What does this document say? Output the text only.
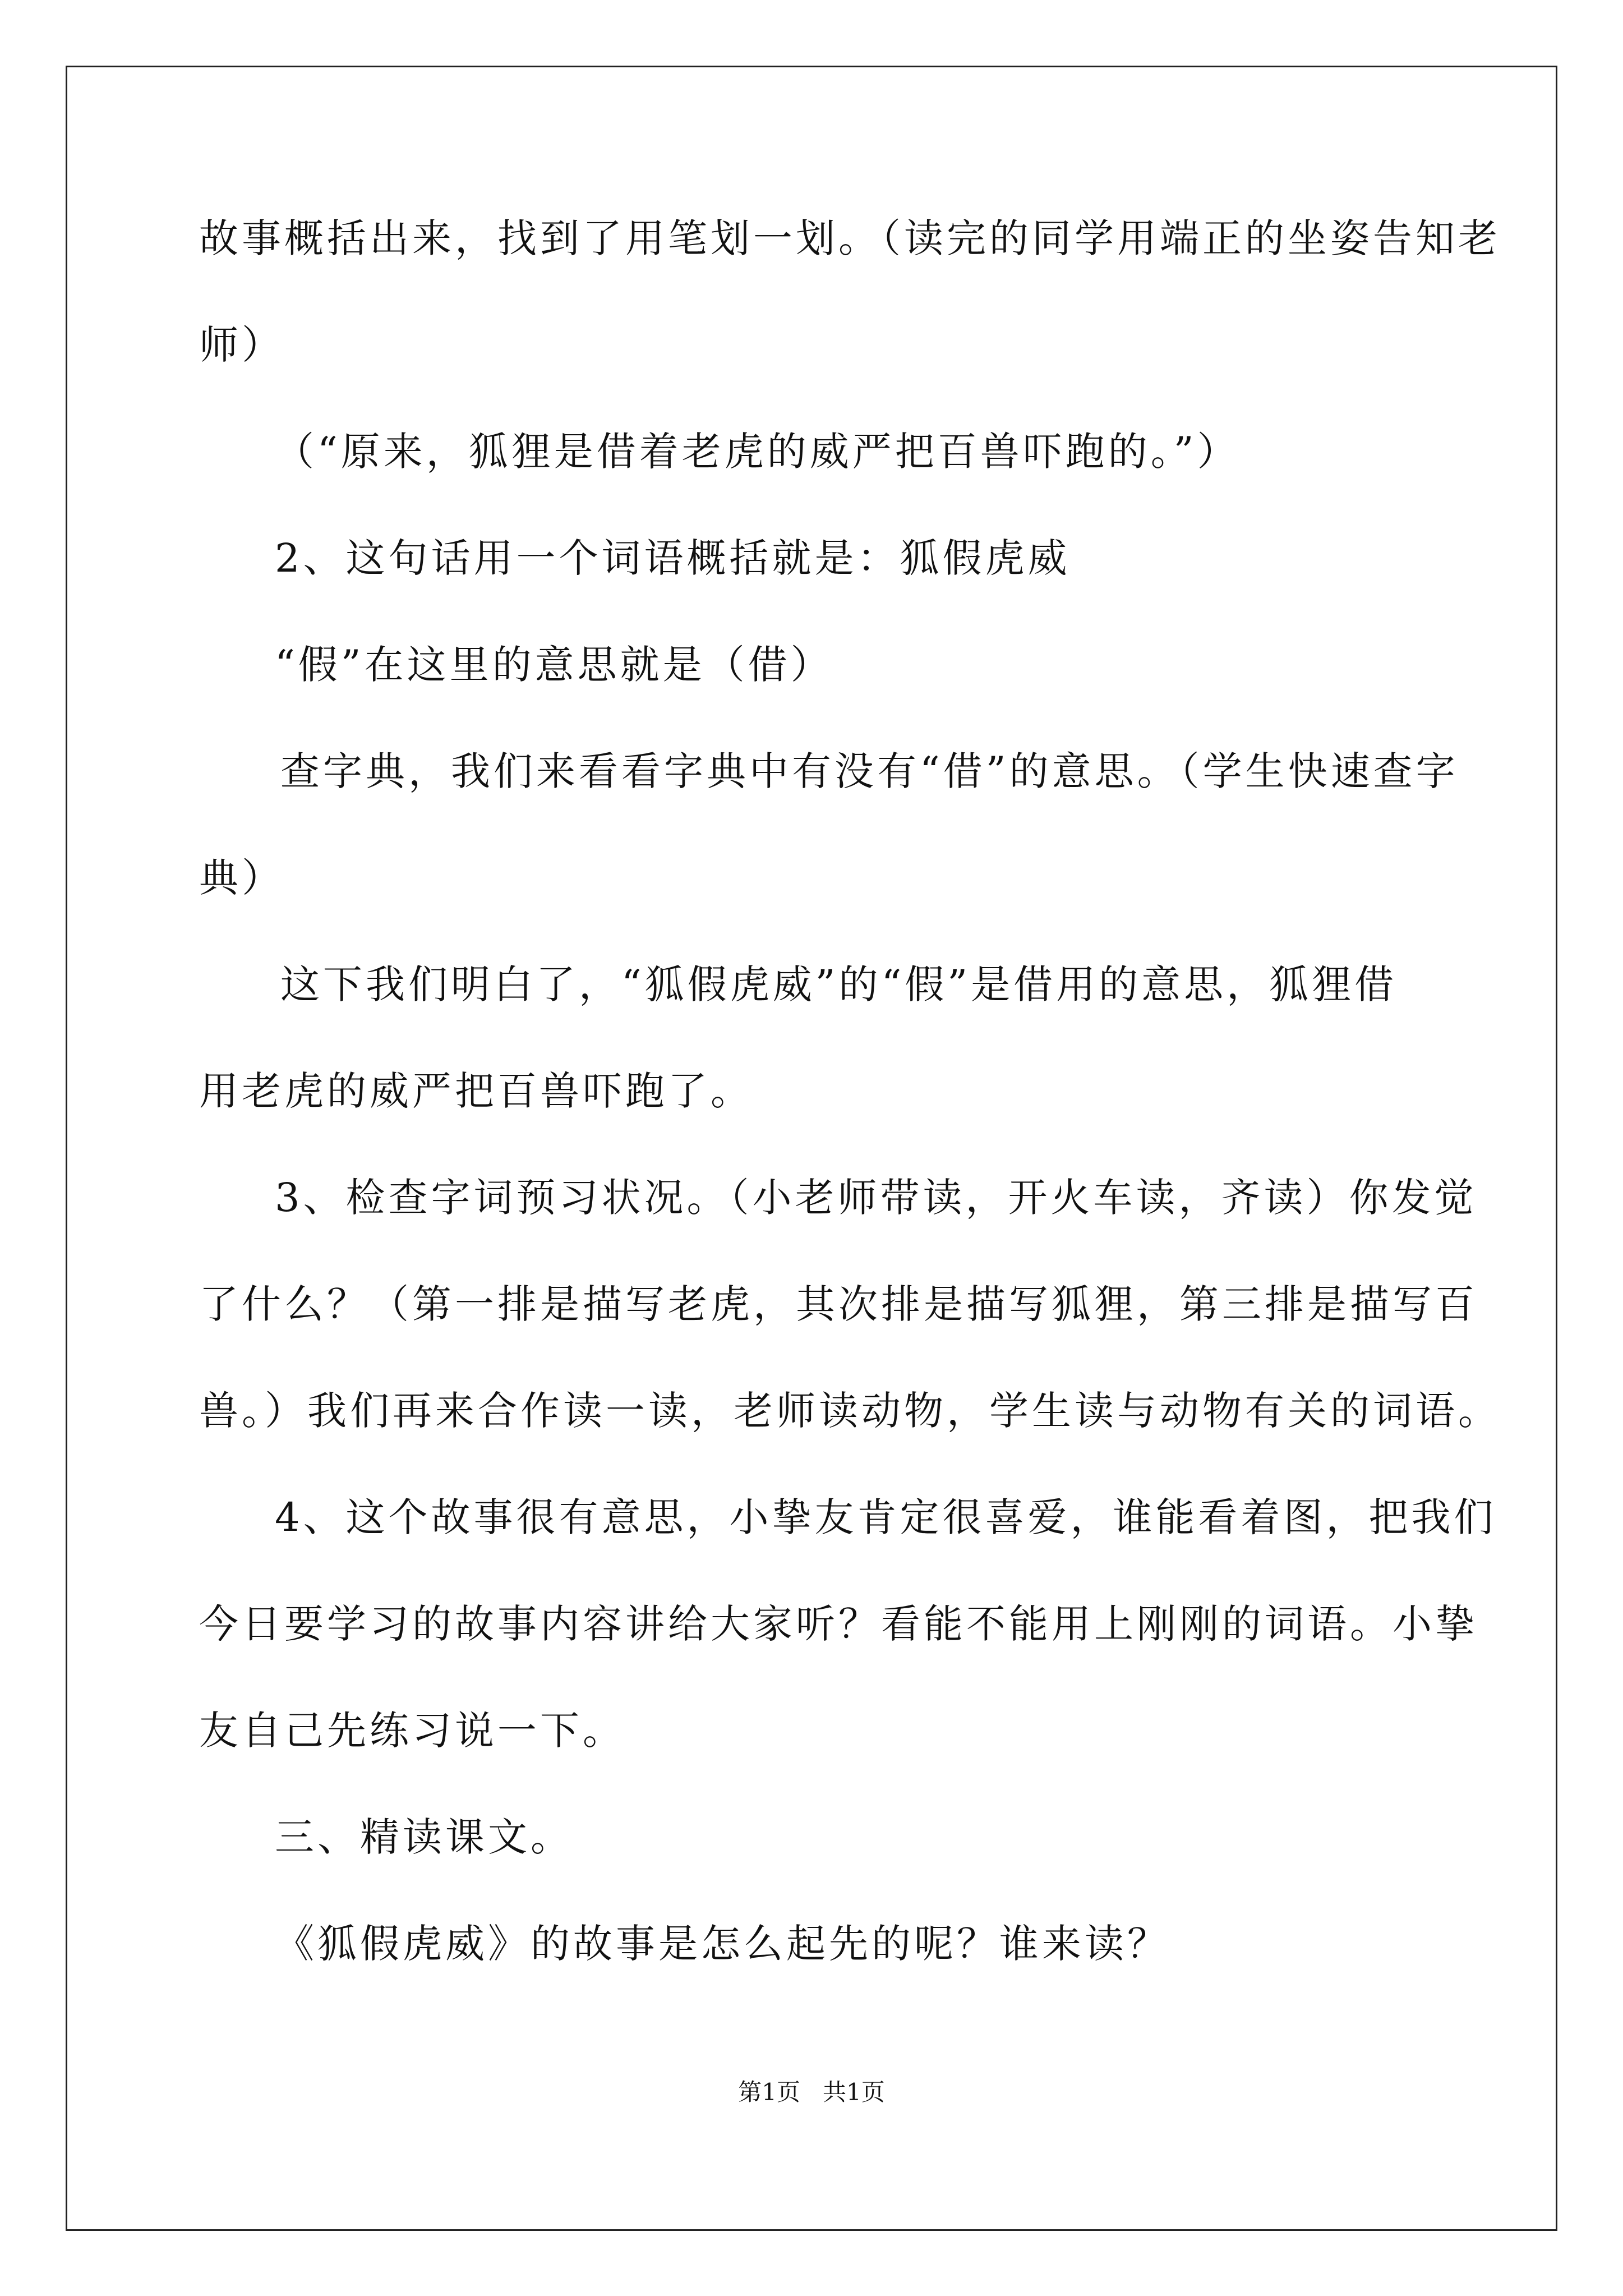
故事概括出来，找到了用笔划一划。（读完的同学用端正的坐姿告知老
师）
（“原来，狐狸是借着老虎的威严把百兽吓跑的。”）
2、这句话用一个词语概括就是：狐假虎威
“假”在这里的意思就是（借）
查字典，我们来看看字典中有没有“借”的意思。（学生快速查字
典）
这下我们明白了，“狐假虎威”的“假”是借用的意思，狐狸借
用老虎的威严把百兽吓跑了。
3、检查字词预习状况。（小老师带读，开火车读，齐读）你发觉
了什么？（第一排是描写老虎，其次排是描写狐狸，第三排是描写百
兽。）我们再来合作读一读，老师读动物，学生读与动物有关的词语。
4、这个故事很有意思，小挚友肯定很喜爱，谁能看着图，把我们
今日要学习的故事内容讲给大家听？看能不能用上刚刚的词语。小挚
友自己先练习说一下。
三、精读课文。
《狐假虎威》的故事是怎么起先的呢？谁来读？
第1页 共1页
